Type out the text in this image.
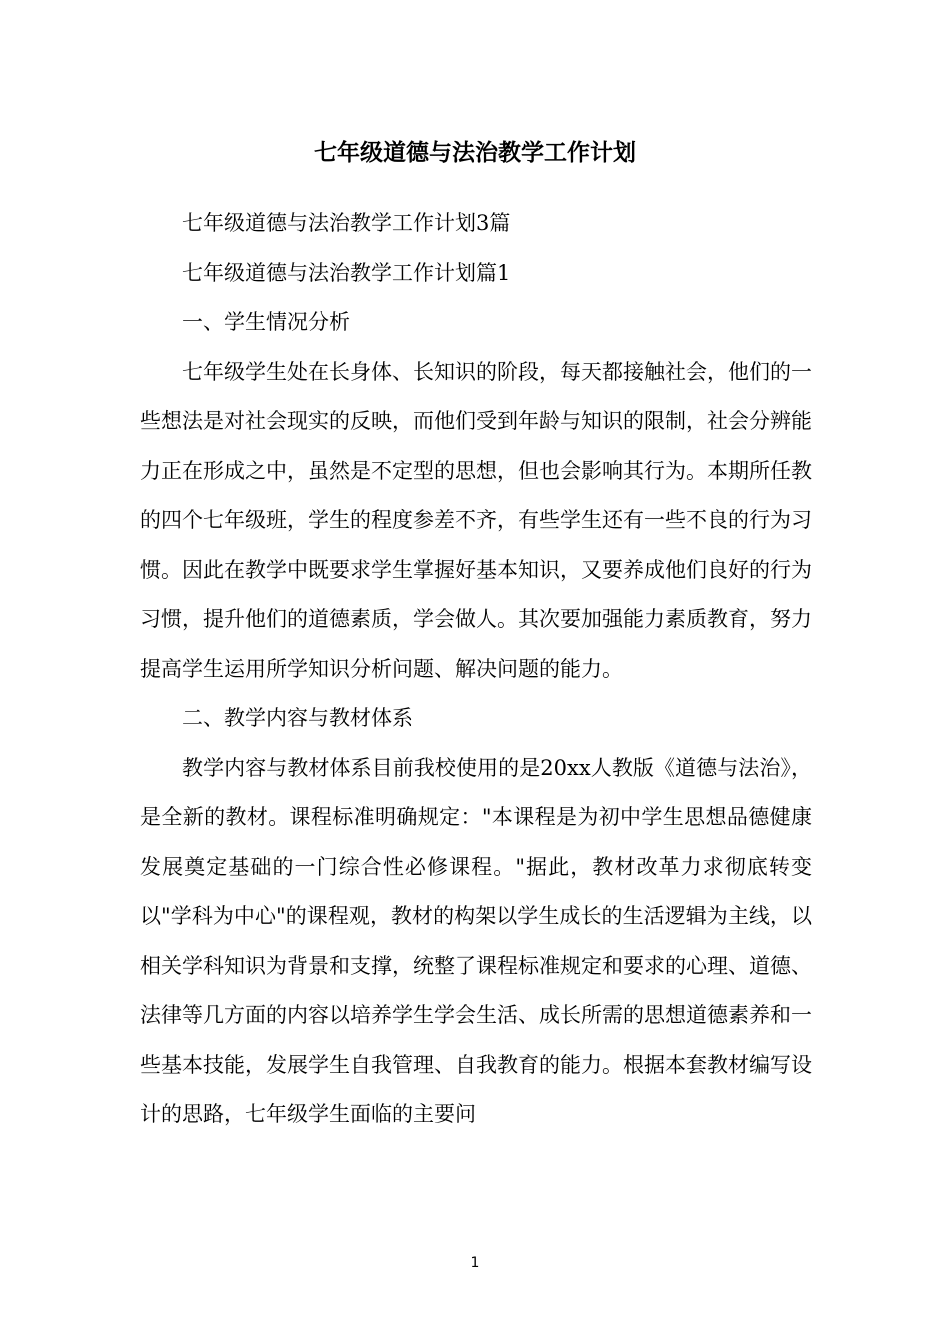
七年级道德与法治教学工作计划

七年级道德与法治教学工作计划3篇

七年级道德与法治教学工作计划篇1

一、学生情况分析

七年级学生处在长身体、长知识的阶段，每天都接触社会，他们的一些想法是对社会现实的反映，而他们受到年龄与知识的限制，社会分辨能力正在形成之中，虽然是不定型的思想，但也会影响其行为。本期所任教的四个七年级班，学生的程度参差不齐，有些学生还有一些不良的行为习惯。因此在教学中既要求学生掌握好基本知识，又要养成他们良好的行为习惯，提升他们的道德素质，学会做人。其次要加强能力素质教育，努力提高学生运用所学知识分析问题、解决问题的能力。

二、教学内容与教材体系

教学内容与教材体系目前我校使用的是20xx人教版《道德与法治》，是全新的教材。课程标准明确规定："本课程是为初中学生思想品德健康发展奠定基础的一门综合性必修课程。"据此，教材改革力求彻底转变以"学科为中心"的课程观，教材的构架以学生成长的生活逻辑为主线，以相关学科知识为背景和支撑，统整了课程标准规定和要求的心理、道德、法律等几方面的内容以培养学生学会生活、成长所需的思想道德素养和一些基本技能，发展学生自我管理、自我教育的能力。根据本套教材编写设计的思路，七年级学生面临的主要问

1
